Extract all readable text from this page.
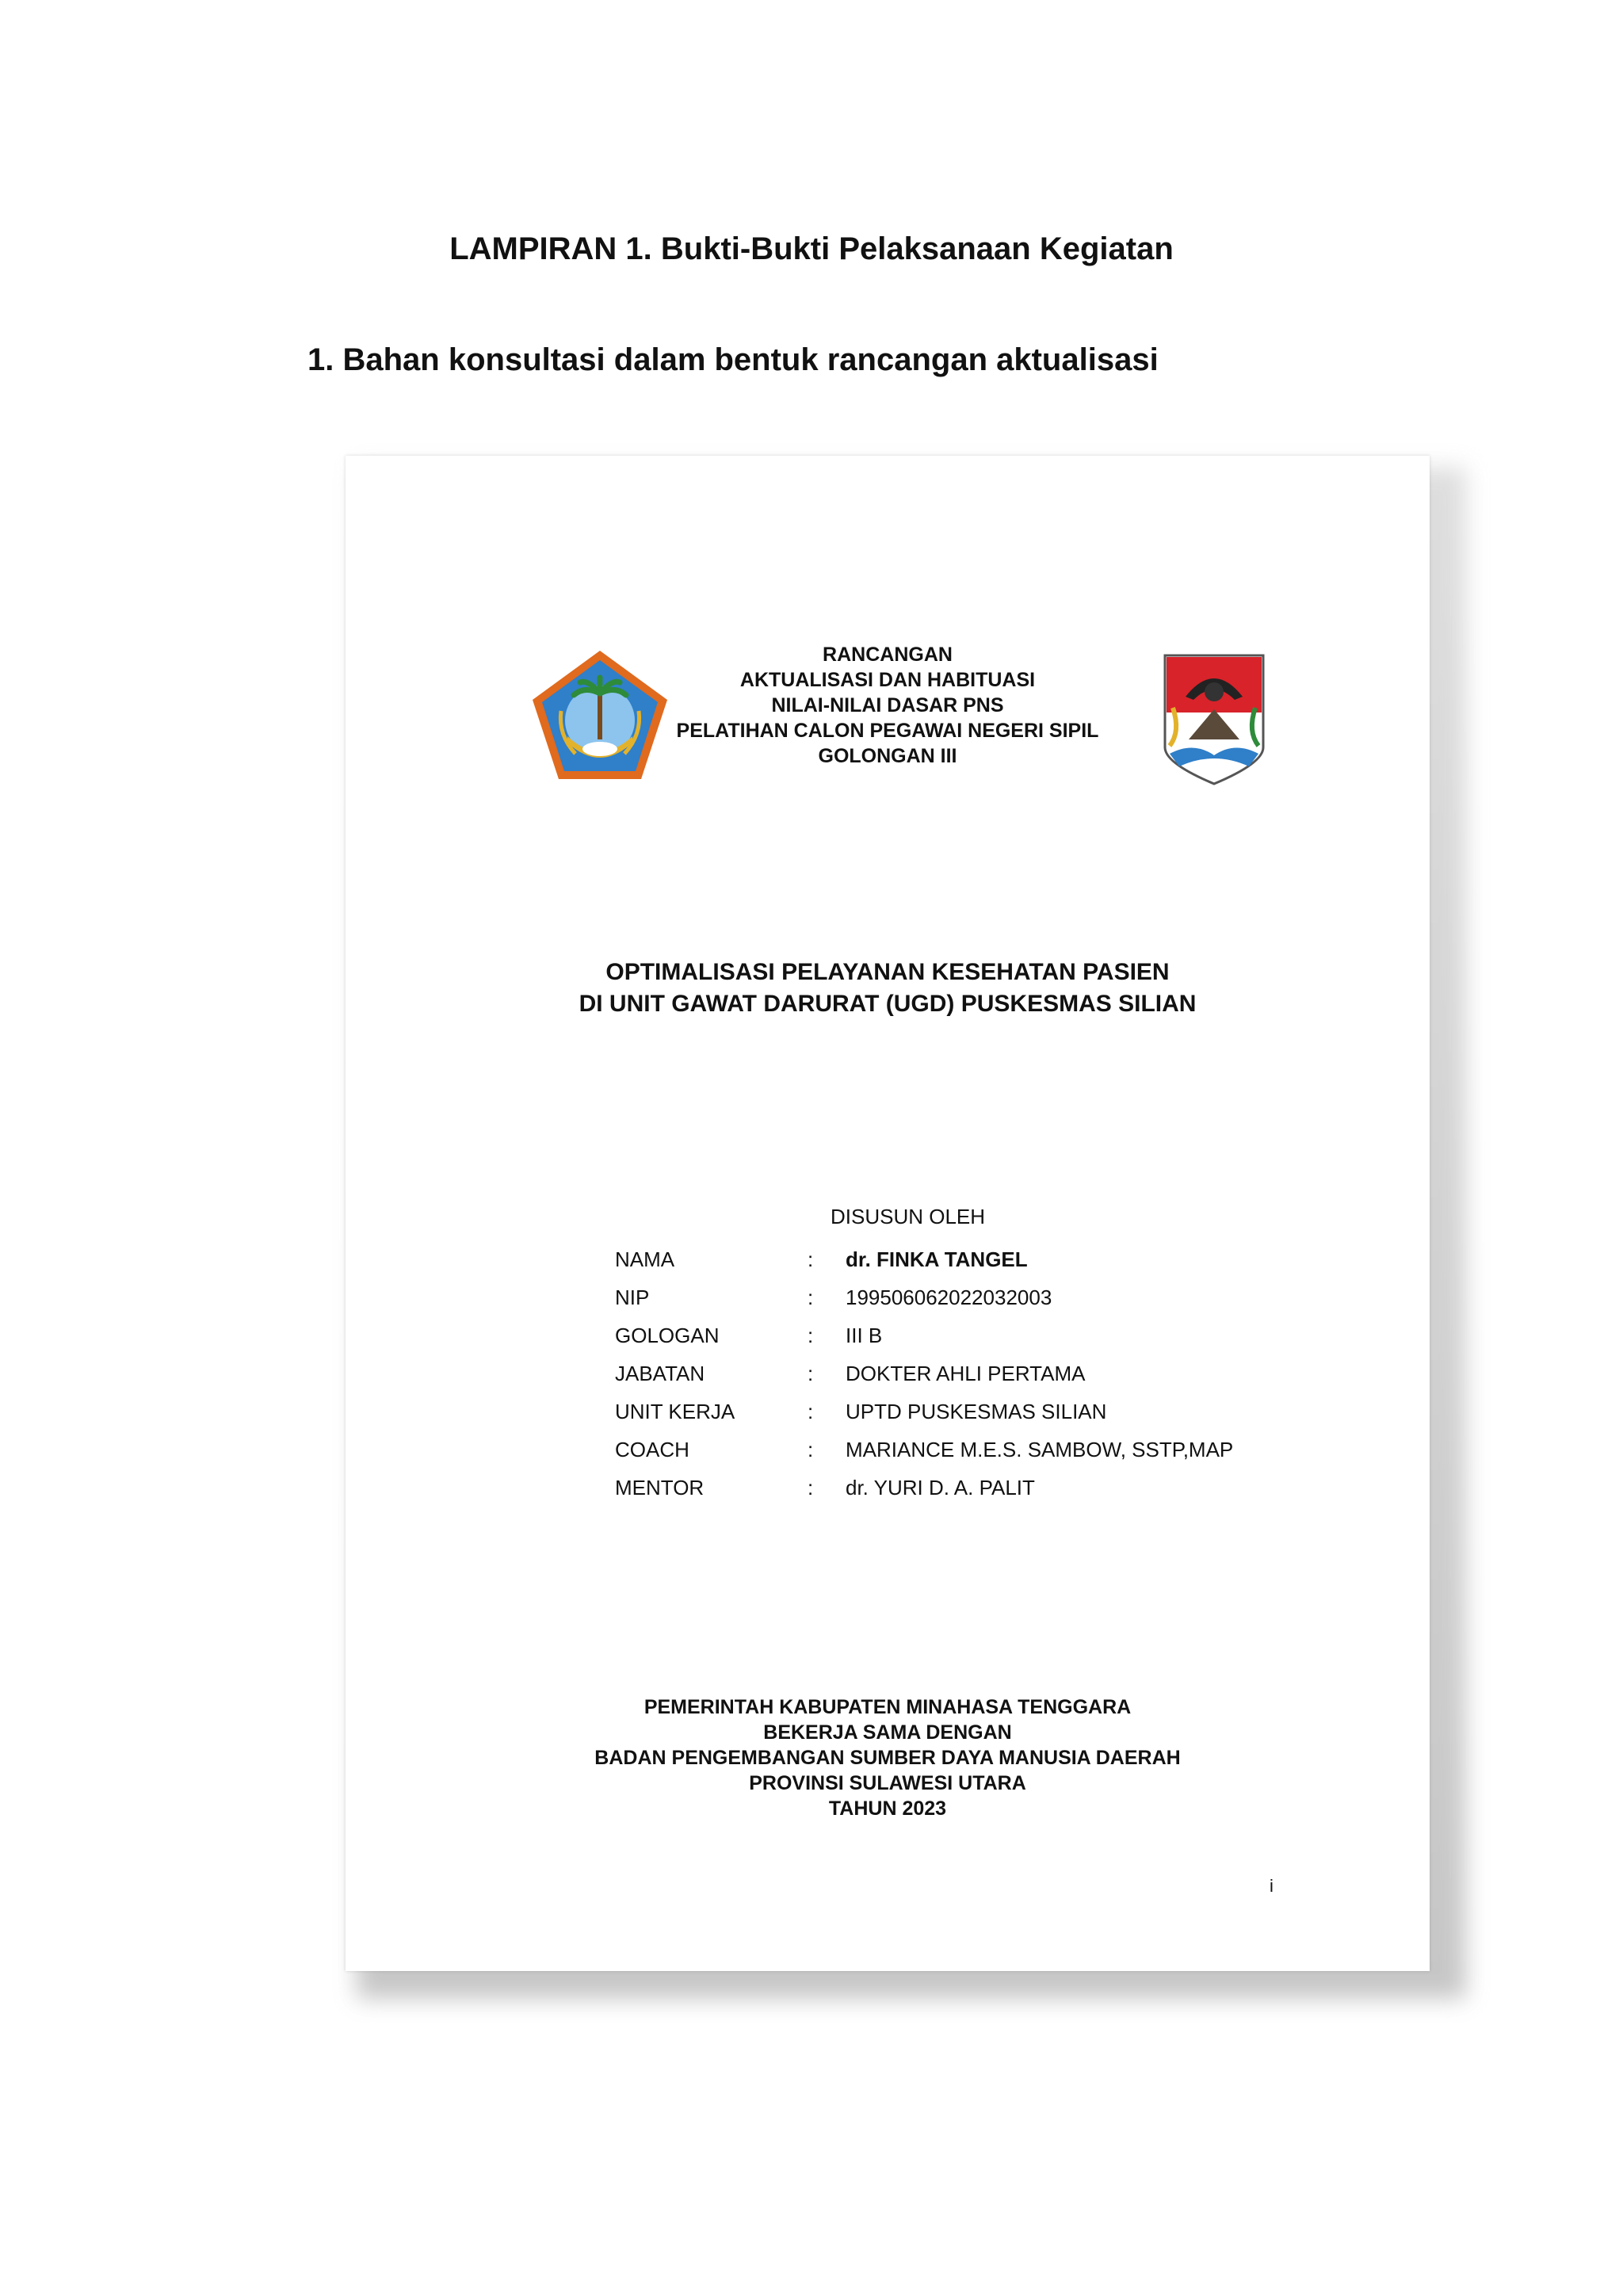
LAMPIRAN 1. Bukti-Bukti Pelaksanaan Kegiatan
1. Bahan konsultasi dalam bentuk rancangan aktualisasi
RANCANGAN
AKTUALISASI DAN HABITUASI
NILAI-NILAI DASAR PNS
PELATIHAN CALON PEGAWAI NEGERI SIPIL
GOLONGAN III
OPTIMALISASI PELAYANAN KESEHATAN PASIEN
DI UNIT GAWAT DARURAT (UGD) PUSKESMAS SILIAN
DISUSUN OLEH
NAMA	:	dr. FINKA TANGEL
NIP	:	199506062022032003
GOLOGAN	:	III B
JABATAN	:	DOKTER AHLI PERTAMA
UNIT KERJA	:	UPTD PUSKESMAS SILIAN
COACH	:	MARIANCE M.E.S. SAMBOW, SSTP,MAP
MENTOR	:	dr. YURI D. A. PALIT
PEMERINTAH KABUPATEN MINAHASA TENGGARA
BEKERJA SAMA DENGAN
BADAN PENGEMBANGAN SUMBER DAYA MANUSIA DAERAH
PROVINSI SULAWESI UTARA
TAHUN 2023
i
